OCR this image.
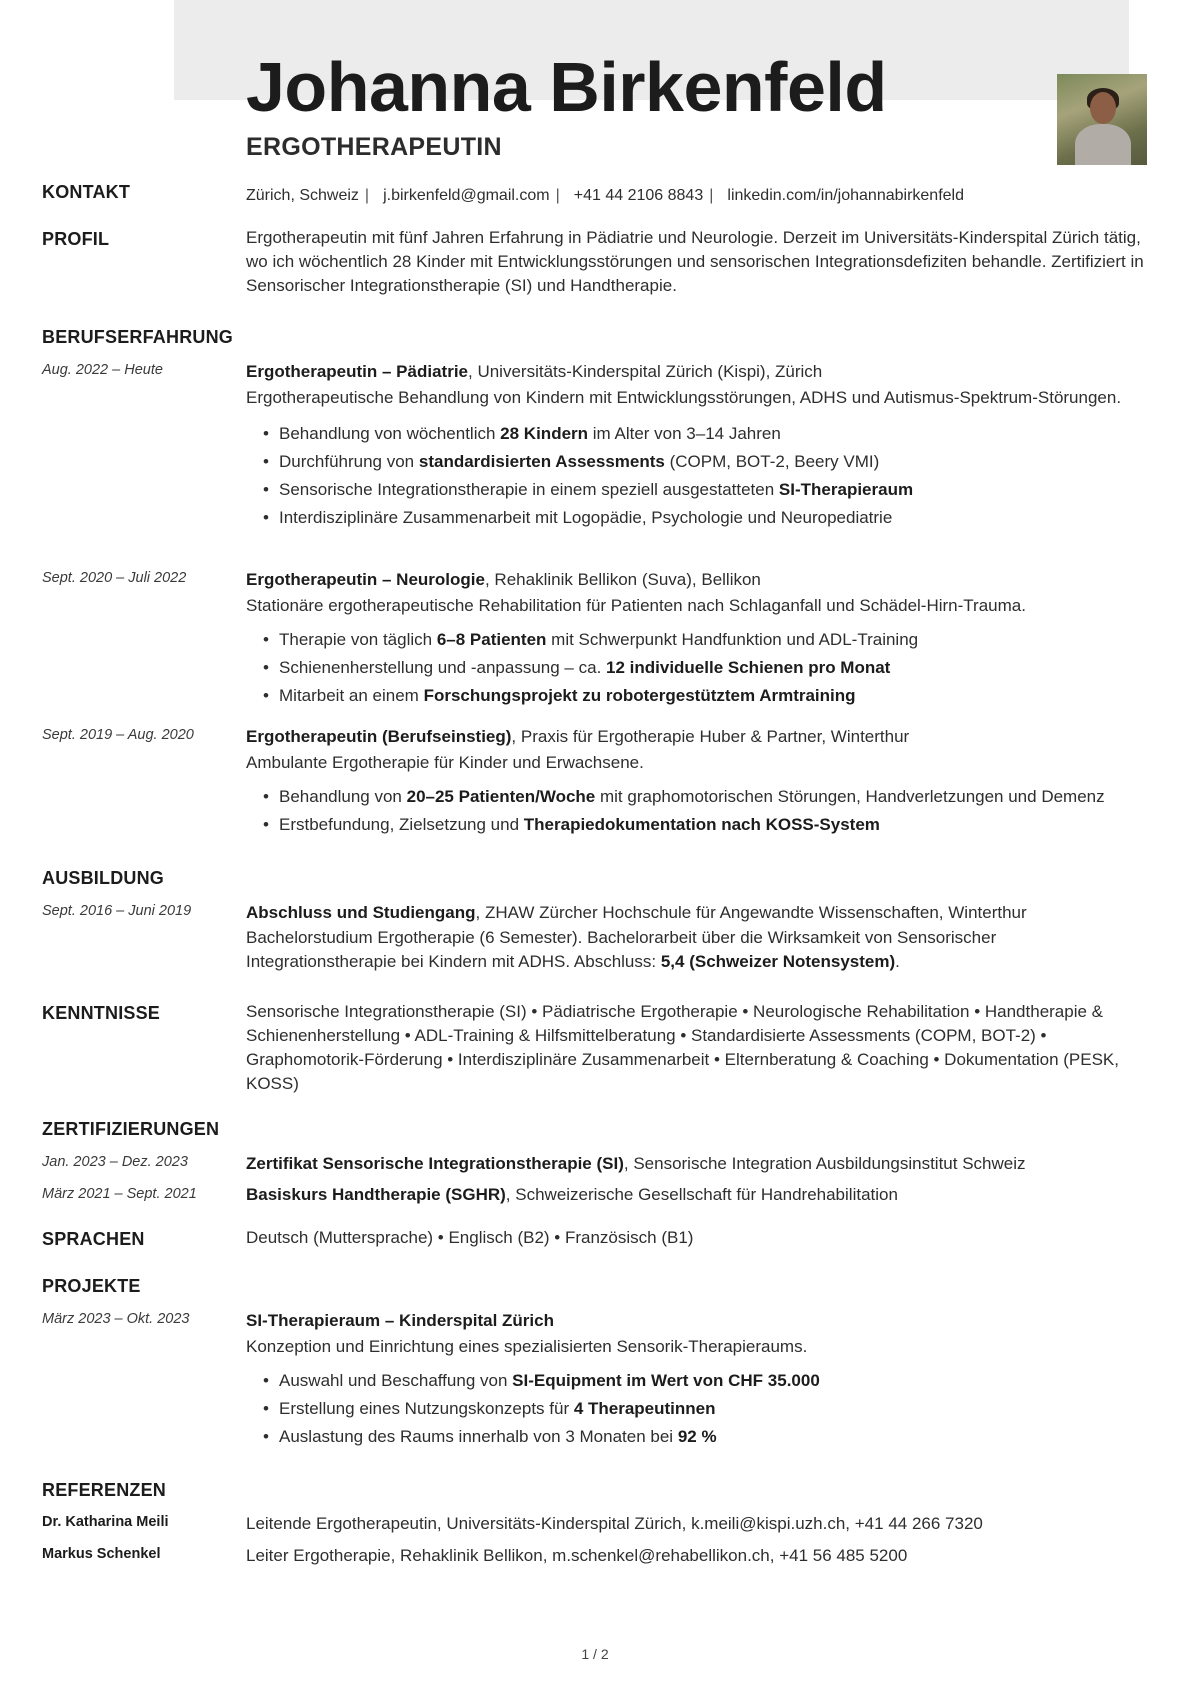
Johanna Birkenfeld
ERGOTHERAPEUTIN
KONTAKT	Zürich, Schweiz | j.birkenfeld@gmail.com | +41 44 2106 8843 | linkedin.com/in/johannabirkenfeld
PROFIL	Ergotherapeutin mit fünf Jahren Erfahrung in Pädiatrie und Neurologie. Derzeit im Universitäts-Kinderspital Zürich tätig, wo ich wöchentlich 28 Kinder mit Entwicklungsstörungen und sensorischen Integrationsdefiziten behandle. Zertifiziert in Sensorischer Integrationstherapie (SI) und Handtherapie.
BERUFSERFAHRUNG
Aug. 2022 – Heute	Ergotherapeutin – Pädiatrie, Universitäts-Kinderspital Zürich (Kispi), Zürich
Ergotherapeutische Behandlung von Kindern mit Entwicklungsstörungen, ADHS und Autismus-Spektrum-Störungen.
• Behandlung von wöchentlich 28 Kindern im Alter von 3–14 Jahren
• Durchführung von standardisierten Assessments (COPM, BOT-2, Beery VMI)
• Sensorische Integrationstherapie in einem speziell ausgestatteten SI-Therapieraum
• Interdisziplinäre Zusammenarbeit mit Logopädie, Psychologie und Neuropediatrie
Sept. 2020 – Juli 2022	Ergotherapeutin – Neurologie, Rehaklinik Bellikon (Suva), Bellikon
Stationäre ergotherapeutische Rehabilitation für Patienten nach Schlaganfall und Schädel-Hirn-Trauma.
• Therapie von täglich 6–8 Patienten mit Schwerpunkt Handfunktion und ADL-Training
• Schienenherstellung und -anpassung – ca. 12 individuelle Schienen pro Monat
• Mitarbeit an einem Forschungsprojekt zu robotergestütztem Armtraining
Sept. 2019 – Aug. 2020	Ergotherapeutin (Berufseinstieg), Praxis für Ergotherapie Huber & Partner, Winterthur
Ambulante Ergotherapie für Kinder und Erwachsene.
• Behandlung von 20–25 Patienten/Woche mit graphomotorischen Störungen, Handverletzungen und Demenz
• Erstbefundung, Zielsetzung und Therapiedokumentation nach KOSS-System
AUSBILDUNG
Sept. 2016 – Juni 2019	Abschluss und Studiengang, ZHAW Zürcher Hochschule für Angewandte Wissenschaften, Winterthur
Bachelorstudium Ergotherapie (6 Semester). Bachelorarbeit über die Wirksamkeit von Sensorischer Integrationstherapie bei Kindern mit ADHS. Abschluss: 5,4 (Schweizer Notensystem).
KENNTNISSE	Sensorische Integrationstherapie (SI) • Pädiatrische Ergotherapie • Neurologische Rehabilitation • Handtherapie & Schienenherstellung • ADL-Training & Hilfsmittelberatung • Standardisierte Assessments (COPM, BOT-2) • Graphomotorik-Förderung • Interdisziplinäre Zusammenarbeit • Elternberatung & Coaching • Dokumentation (PESK, KOSS)
ZERTIFIZIERUNGEN
Jan. 2023 – Dez. 2023	Zertifikat Sensorische Integrationstherapie (SI), Sensorische Integration Ausbildungsinstitut Schweiz
März 2021 – Sept. 2021	Basiskurs Handtherapie (SGHR), Schweizerische Gesellschaft für Handrehabilitation
SPRACHEN	Deutsch (Muttersprache) • Englisch (B2) • Französisch (B1)
PROJEKTE
März 2023 – Okt. 2023	SI-Therapieraum – Kinderspital Zürich
Konzeption und Einrichtung eines spezialisierten Sensorik-Therapieraums.
• Auswahl und Beschaffung von SI-Equipment im Wert von CHF 35.000
• Erstellung eines Nutzungskonzepts für 4 Therapeutinnen
• Auslastung des Raums innerhalb von 3 Monaten bei 92 %
REFERENZEN
Dr. Katharina Meili	Leitende Ergotherapeutin, Universitäts-Kinderspital Zürich, k.meili@kispi.uzh.ch, +41 44 266 7320
Markus Schenkel	Leiter Ergotherapie, Rehaklinik Bellikon, m.schenkel@rehabellikon.ch, +41 56 485 5200
1 / 2
